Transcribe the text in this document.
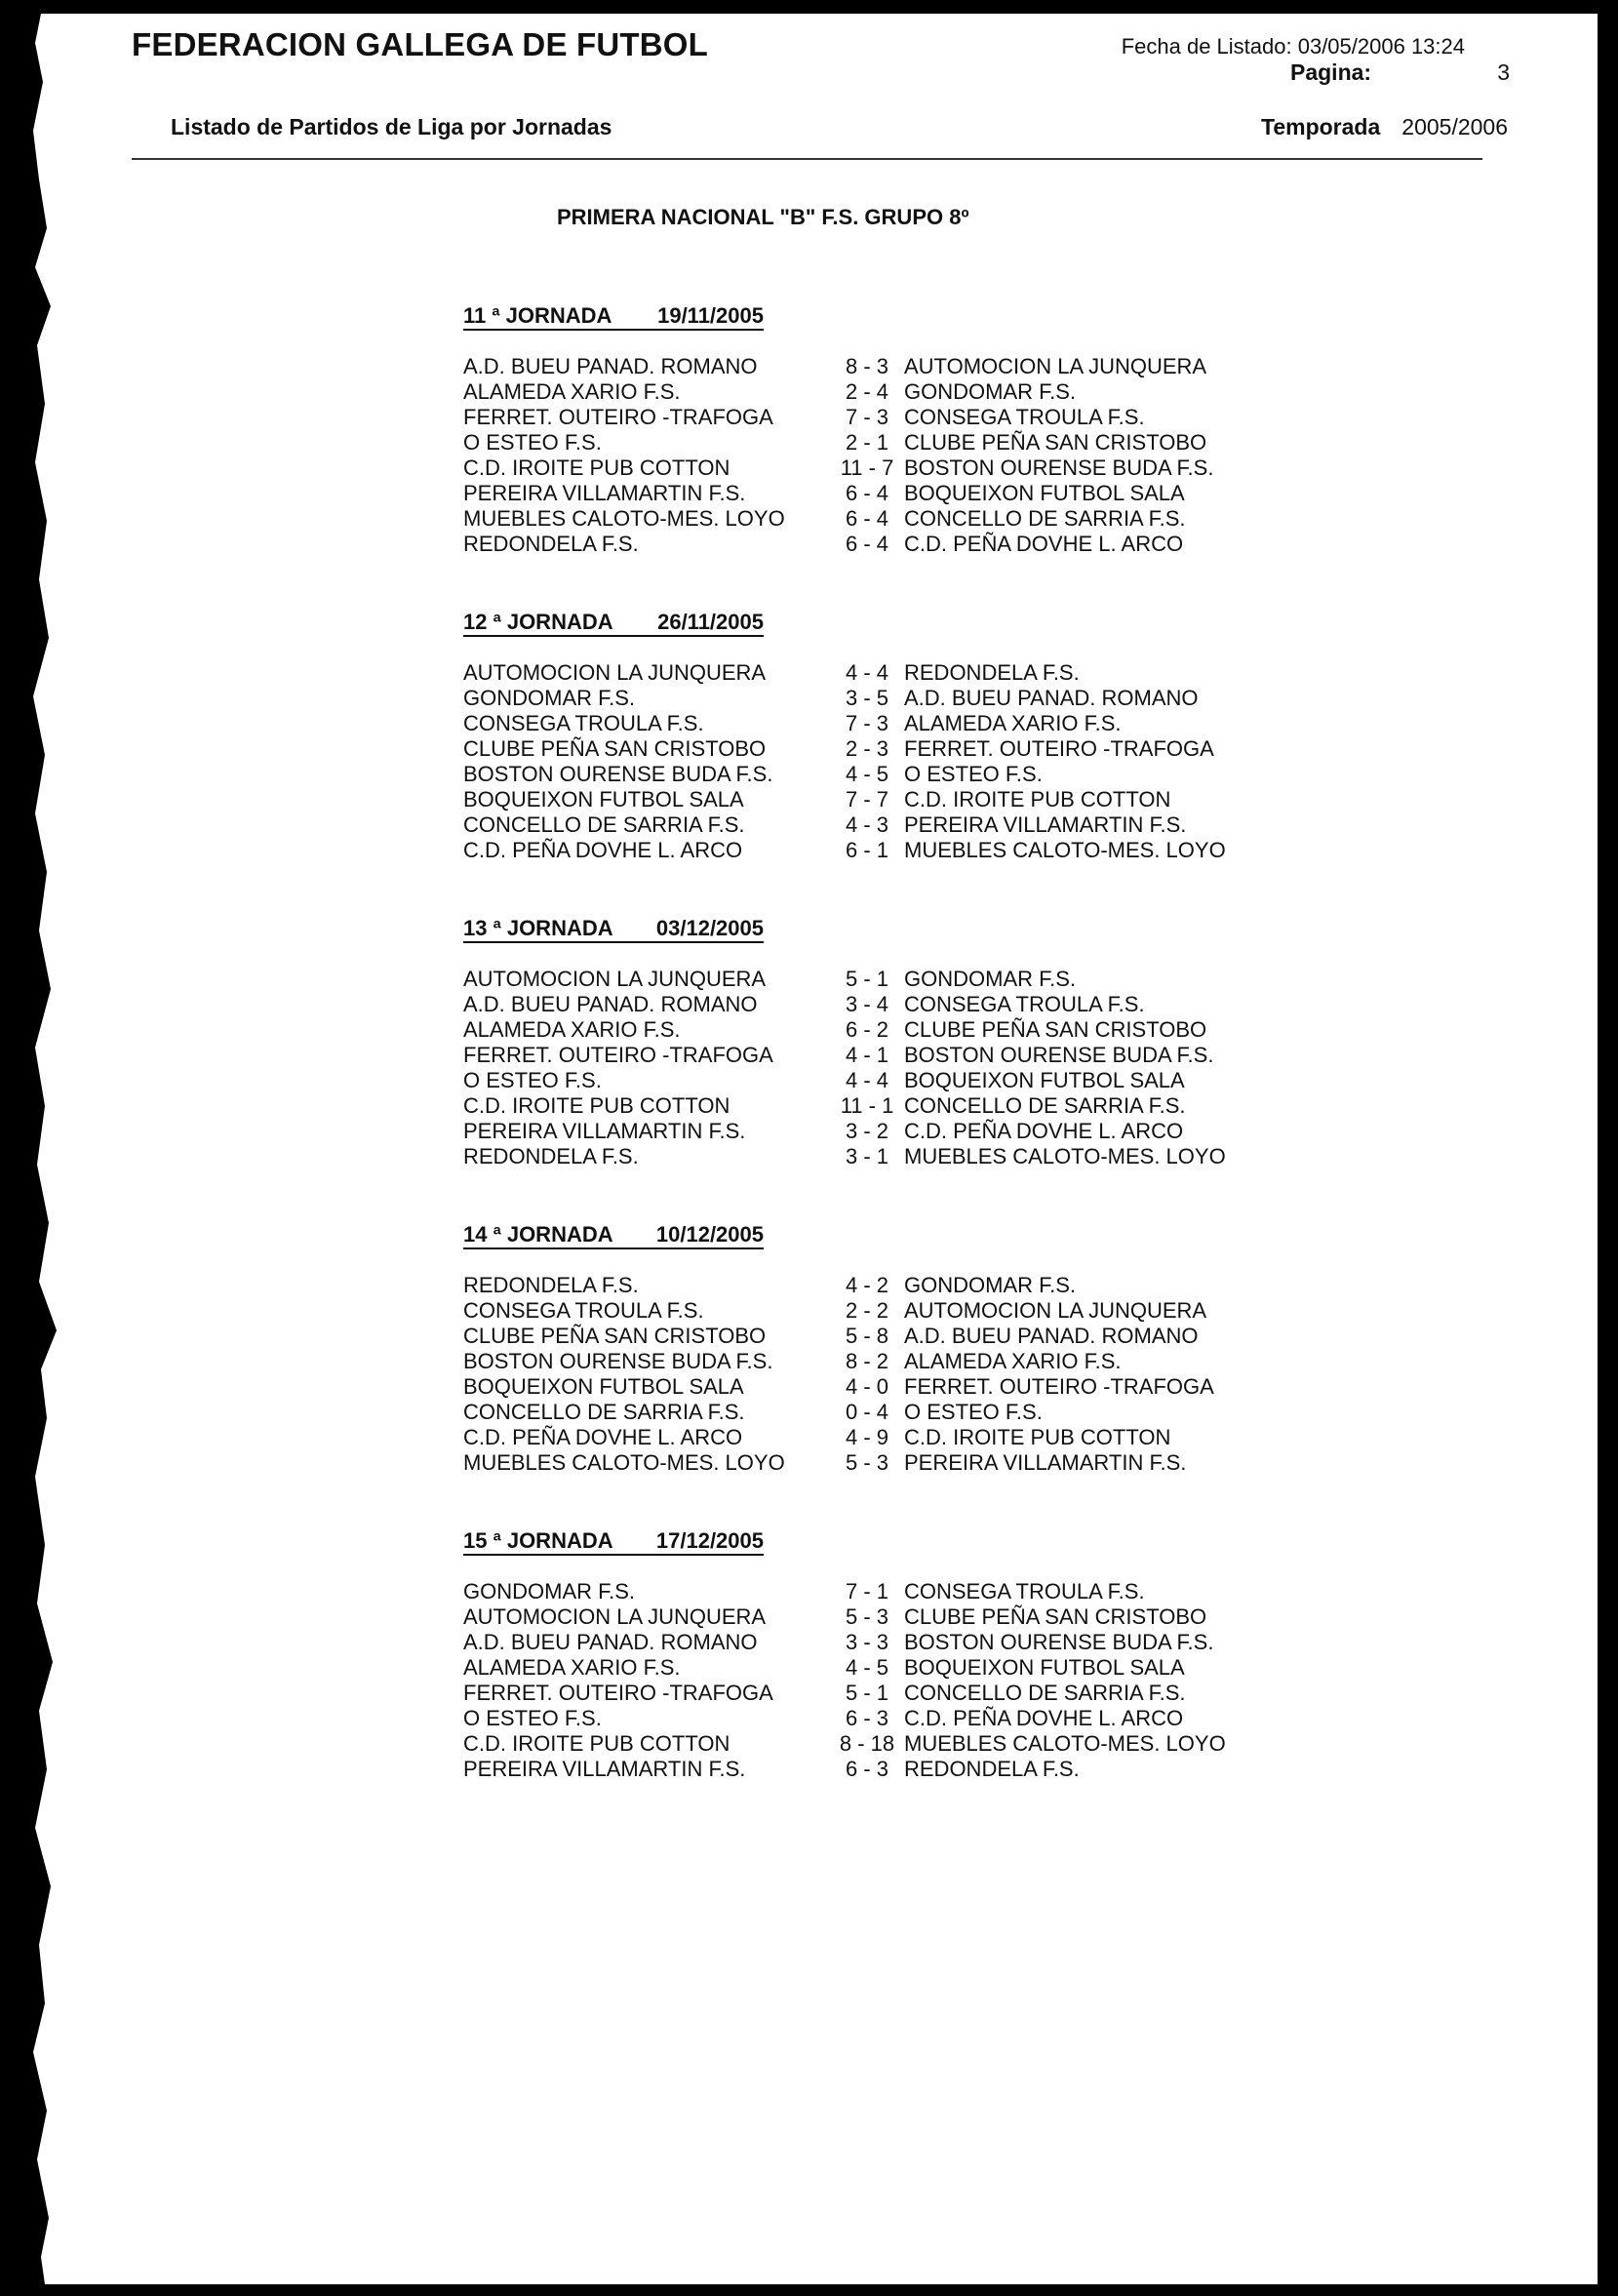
FEDERACION GALLEGA DE FUTBOL	Fecha de Listado: 03/05/2006 13:24
Pagina:	3
Listado de Partidos de Liga por Jornadas	Temporada 2005/2006
PRIMERA NACIONAL "B" F.S. GRUPO 8º
11 ª JORNADA 19/11/2005
A.D. BUEU PANAD. ROMANO	8 - 3 AUTOMOCION LA JUNQUERA
ALAMEDA XARIO F.S.	2 - 4 GONDOMAR F.S.
FERRET. OUTEIRO -TRAFOGA	7 - 3 CONSEGA TROULA F.S.
O ESTEO F.S.	2 - 1 CLUBE PEÑA SAN CRISTOBO
C.D. IROITE PUB COTTON	11 - 7 BOSTON OURENSE BUDA F.S.
PEREIRA VILLAMARTIN F.S.	6 - 4 BOQUEIXON FUTBOL SALA
MUEBLES CALOTO-MES. LOYO	6 - 4 CONCELLO DE SARRIA F.S.
REDONDELA F.S.	6 - 4 C.D. PEÑA DOVHE L. ARCO
12 ª JORNADA 26/11/2005
AUTOMOCION LA JUNQUERA	4 - 4 REDONDELA F.S.
GONDOMAR F.S.	3 - 5 A.D. BUEU PANAD. ROMANO
CONSEGA TROULA F.S.	7 - 3 ALAMEDA XARIO F.S.
CLUBE PEÑA SAN CRISTOBO	2 - 3 FERRET. OUTEIRO -TRAFOGA
BOSTON OURENSE BUDA F.S.	4 - 5 O ESTEO F.S.
BOQUEIXON FUTBOL SALA	7 - 7 C.D. IROITE PUB COTTON
CONCELLO DE SARRIA F.S.	4 - 3 PEREIRA VILLAMARTIN F.S.
C.D. PEÑA DOVHE L. ARCO	6 - 1 MUEBLES CALOTO-MES. LOYO
13 ª JORNADA 03/12/2005
AUTOMOCION LA JUNQUERA	5 - 1 GONDOMAR F.S.
A.D. BUEU PANAD. ROMANO	3 - 4 CONSEGA TROULA F.S.
ALAMEDA XARIO F.S.	6 - 2 CLUBE PEÑA SAN CRISTOBO
FERRET. OUTEIRO -TRAFOGA	4 - 1 BOSTON OURENSE BUDA F.S.
O ESTEO F.S.	4 - 4 BOQUEIXON FUTBOL SALA
C.D. IROITE PUB COTTON	11 - 1 CONCELLO DE SARRIA F.S.
PEREIRA VILLAMARTIN F.S.	3 - 2 C.D. PEÑA DOVHE L. ARCO
REDONDELA F.S.	3 - 1 MUEBLES CALOTO-MES. LOYO
14 ª JORNADA 10/12/2005
REDONDELA F.S.	4 - 2 GONDOMAR F.S.
CONSEGA TROULA F.S.	2 - 2 AUTOMOCION LA JUNQUERA
CLUBE PEÑA SAN CRISTOBO	5 - 8 A.D. BUEU PANAD. ROMANO
BOSTON OURENSE BUDA F.S.	8 - 2 ALAMEDA XARIO F.S.
BOQUEIXON FUTBOL SALA	4 - 0 FERRET. OUTEIRO -TRAFOGA
CONCELLO DE SARRIA F.S.	0 - 4 O ESTEO F.S.
C.D. PEÑA DOVHE L. ARCO	4 - 9 C.D. IROITE PUB COTTON
MUEBLES CALOTO-MES. LOYO	5 - 3 PEREIRA VILLAMARTIN F.S.
15 ª JORNADA 17/12/2005
GONDOMAR F.S.	7 - 1 CONSEGA TROULA F.S.
AUTOMOCION LA JUNQUERA	5 - 3 CLUBE PEÑA SAN CRISTOBO
A.D. BUEU PANAD. ROMANO	3 - 3 BOSTON OURENSE BUDA F.S.
ALAMEDA XARIO F.S.	4 - 5 BOQUEIXON FUTBOL SALA
FERRET. OUTEIRO -TRAFOGA	5 - 1 CONCELLO DE SARRIA F.S.
O ESTEO F.S.	6 - 3 C.D. PEÑA DOVHE L. ARCO
C.D. IROITE PUB COTTON	8 - 18 MUEBLES CALOTO-MES. LOYO
PEREIRA VILLAMARTIN F.S.	6 - 3 REDONDELA F.S.
